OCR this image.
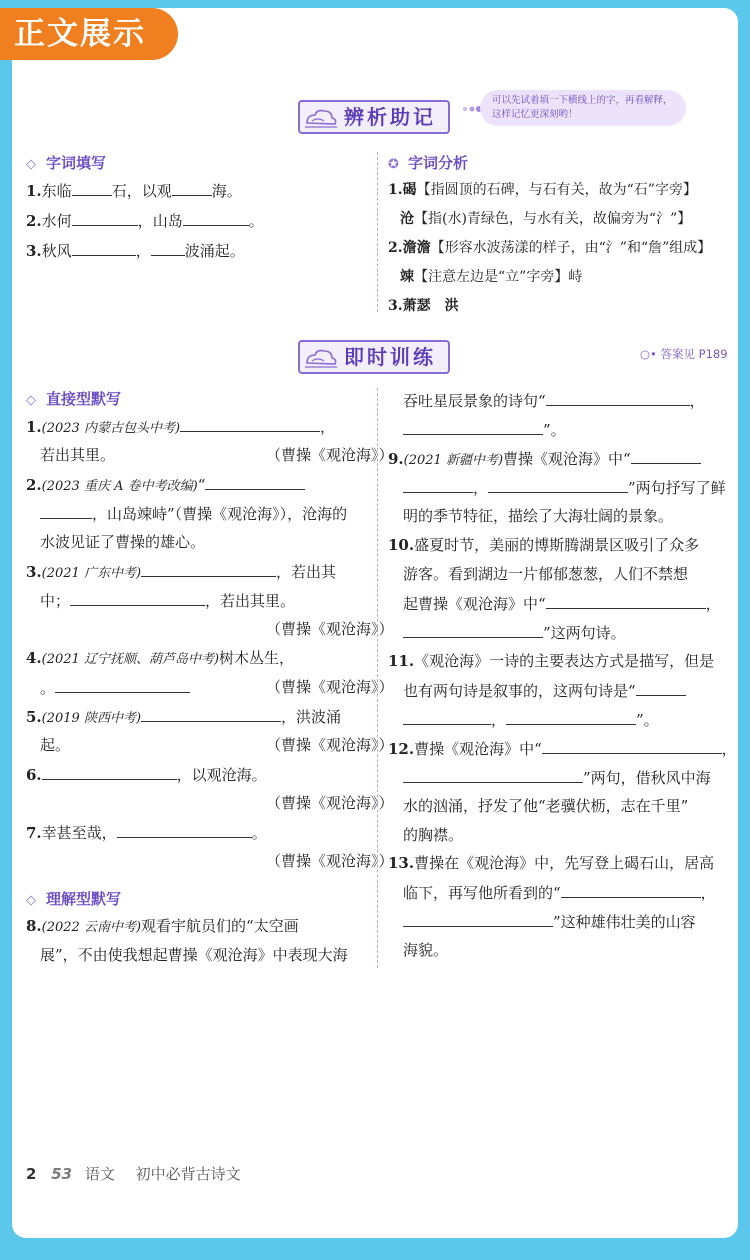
正文展示
辨析助记
可以先试着填一下横线上的字，再看解释，这样记忆更深刻哟！
◇ 字词填写
1.东临	石，以观	海。
2.水何	，山岛	。
3.秋风	， 波涌起。
✪ 字词分析
1.碣【指圆顶的石碑，与石有关，故为“石”字旁】
沧【指(水)青绿色，与水有关，故偏旁为“氵”】
2.澹澹【形容水波荡漾的样子，由“氵”和“詹”组成】
竦【注意左边是“立”字旁】峙
3.萧瑟　洪
即时训练	○• 答案见 P189
◇ 直接型默写
◇ 理解型默写
1.(2023 内蒙古包头中考)	，
若出其里。	（曹操《观沧海》）
2.(2023 重庆 A 卷中考改编)“
，山岛竦峙”（曹操《观沧海》），沧海的
水波见证了曹操的雄心。
3.(2021 广东中考)	，若出其
中；	，若出其里。
（曹操《观沧海》）
4.(2021 辽宁抚顺、葫芦岛中考)树木丛生，
。	（曹操《观沧海》）
5.(2019 陕西中考)	，洪波涌
起。	（曹操《观沧海》）
6.	，以观沧海。
（曹操《观沧海》）
7.幸甚至哉，	。
（曹操《观沧海》）
8.(2022 云南中考)观看宇航员们的“太空画
展”，不由使我想起曹操《观沧海》中表现大海
吞吐星辰景象的诗句“	，
”。
9.(2021 新疆中考)曹操《观沧海》中“
，	”两句抒写了鲜
明的季节特征，描绘了大海壮阔的景象。
10.盛夏时节，美丽的博斯腾湖景区吸引了众多
游客。看到湖边一片郁郁葱葱，人们不禁想
起曹操《观沧海》中“	，
”这两句诗。
11.《观沧海》一诗的主要表达方式是描写，但是
也有两句诗是叙事的，这两句诗是“
，	”。
12.曹操《观沧海》中“	，
”两句，借秋风中海
水的汹涌，抒发了他“老骥伏枥，志在千里”
的胸襟。
13.曹操在《观沧海》中，先写登上碣石山，居高
临下，再写他所看到的“	，
”这种雄伟壮美的山容
海貌。
2 53 语文 初中必背古诗文
